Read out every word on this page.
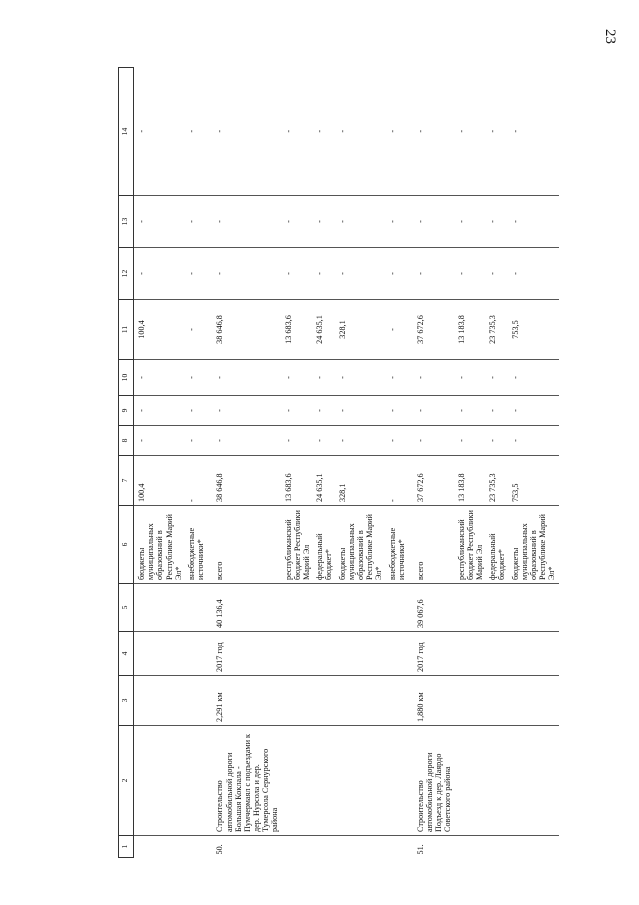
23
1	2	3	4	5	6	7	8	9	10	11	12	13	14
					бюджеты муниципальных образований в Республике Марий Эл*	100,4	-	-	-	100,4	-	-	-
					внебюджетные источники*	-	-	-	-	-	-	-	-
50.	Строительство автомобильной дороги Большая Коклала - Пумчермаял с подъездами к дер. Нурсола и дер. Тумерсола Сернурского района	2,291 км	2017 год	40 136,4	всего	38 646,8	-	-	-	38 646,8	-	-	-
					республиканский бюджет Республики Марий Эл	13 683,6	-	-	-	13 683,6	-	-	-
					федеральный бюджет*	24 635,1	-	-	-	24 635,1	-	-	-
					бюджеты муниципальных образований в Республике Марий Эл*	328,1	-	-	-	328,1	-	-	-
					внебюджетные источники*	-	-	-	-	-	-	-	-
51.	Строительство автомобильной дороги Подъезд к дер. Лаярдо Советского района	1,880 км	2017 год	39 067,6	всего	37 672,6	-	-	-	37 672,6	-	-	-
					республиканский бюджет Республики Марий Эл	13 183,8	-	-	-	13 183,8	-	-	-
					федеральный бюджет*	23 735,3	-	-	-	23 735,3	-	-	-
					бюджеты муниципальных образований в Республике Марий Эл*	753,5	-	-	-	753,5	-	-	-
